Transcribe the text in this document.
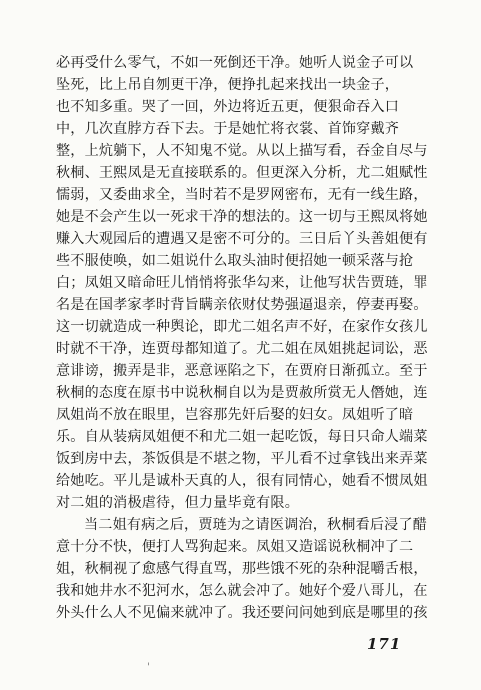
必再受什么零气，不如一死倒还干净。她听人说金子可以
坠死，比上吊自刎更干净，便挣扎起来找出一块金子，
也不知多重。哭了一回，外边将近五更，便狠命吞入口
中，几次直脖方吞下去。于是她忙将衣裳、首饰穿戴齐
整，上炕躺下，人不知鬼不觉。从以上描写看，吞金自尽与
秋桐、王熙凤是无直接联系的。但更深入分析，尤二姐赋性
懦弱，又委曲求全，当时若不是罗网密布，无有一线生路，
她是不会产生以一死求干净的想法的。这一切与王熙凤将她
赚入大观园后的遭遇又是密不可分的。三日后丫头善姐便有
些不服使唤，如二姐说什么取头油时便招她一顿采落与抢
白；凤姐又暗命旺儿悄悄将张华勾来，让他写状告贾琏，罪
名是在国孝家孝时背旨瞒亲依财仗势强逼退亲，停妻再娶。
这一切就造成一种舆论，即尤二姐名声不好，在家作女孩儿
时就不干净，连贾母都知道了。尤二姐在凤姐挑起词讼，恶
意诽谤，搬弄是非，恶意诬陷之下，在贾府日渐孤立。至于
秋桐的态度在原书中说秋桐自以为是贾赦所赏无人僭她，连
凤姐尚不放在眼里，岂容那先奸后娶的妇女。凤姐听了暗
乐。自从装病凤姐便不和尤二姐一起吃饭，每日只命人端菜
饭到房中去，茶饭俱是不堪之物，平儿看不过拿钱出来弄菜
给她吃。平儿是诚朴天真的人，很有同情心，她看不惯凤姐
对二姐的消极虐待，但力量毕竟有限。
当二姐有病之后，贾琏为之请医调治，秋桐看后浸了醋
意十分不快，便打人骂狗起来。凤姐又造谣说秋桐冲了二
姐，秋桐视了愈感气得直骂，那些饿不死的杂种混嚼舌根，
我和她井水不犯河水，怎么就会冲了。她好个爱八哥儿，在
外头什么人不见偏来就冲了。我还要问问她到底是哪里的孩
171
'
